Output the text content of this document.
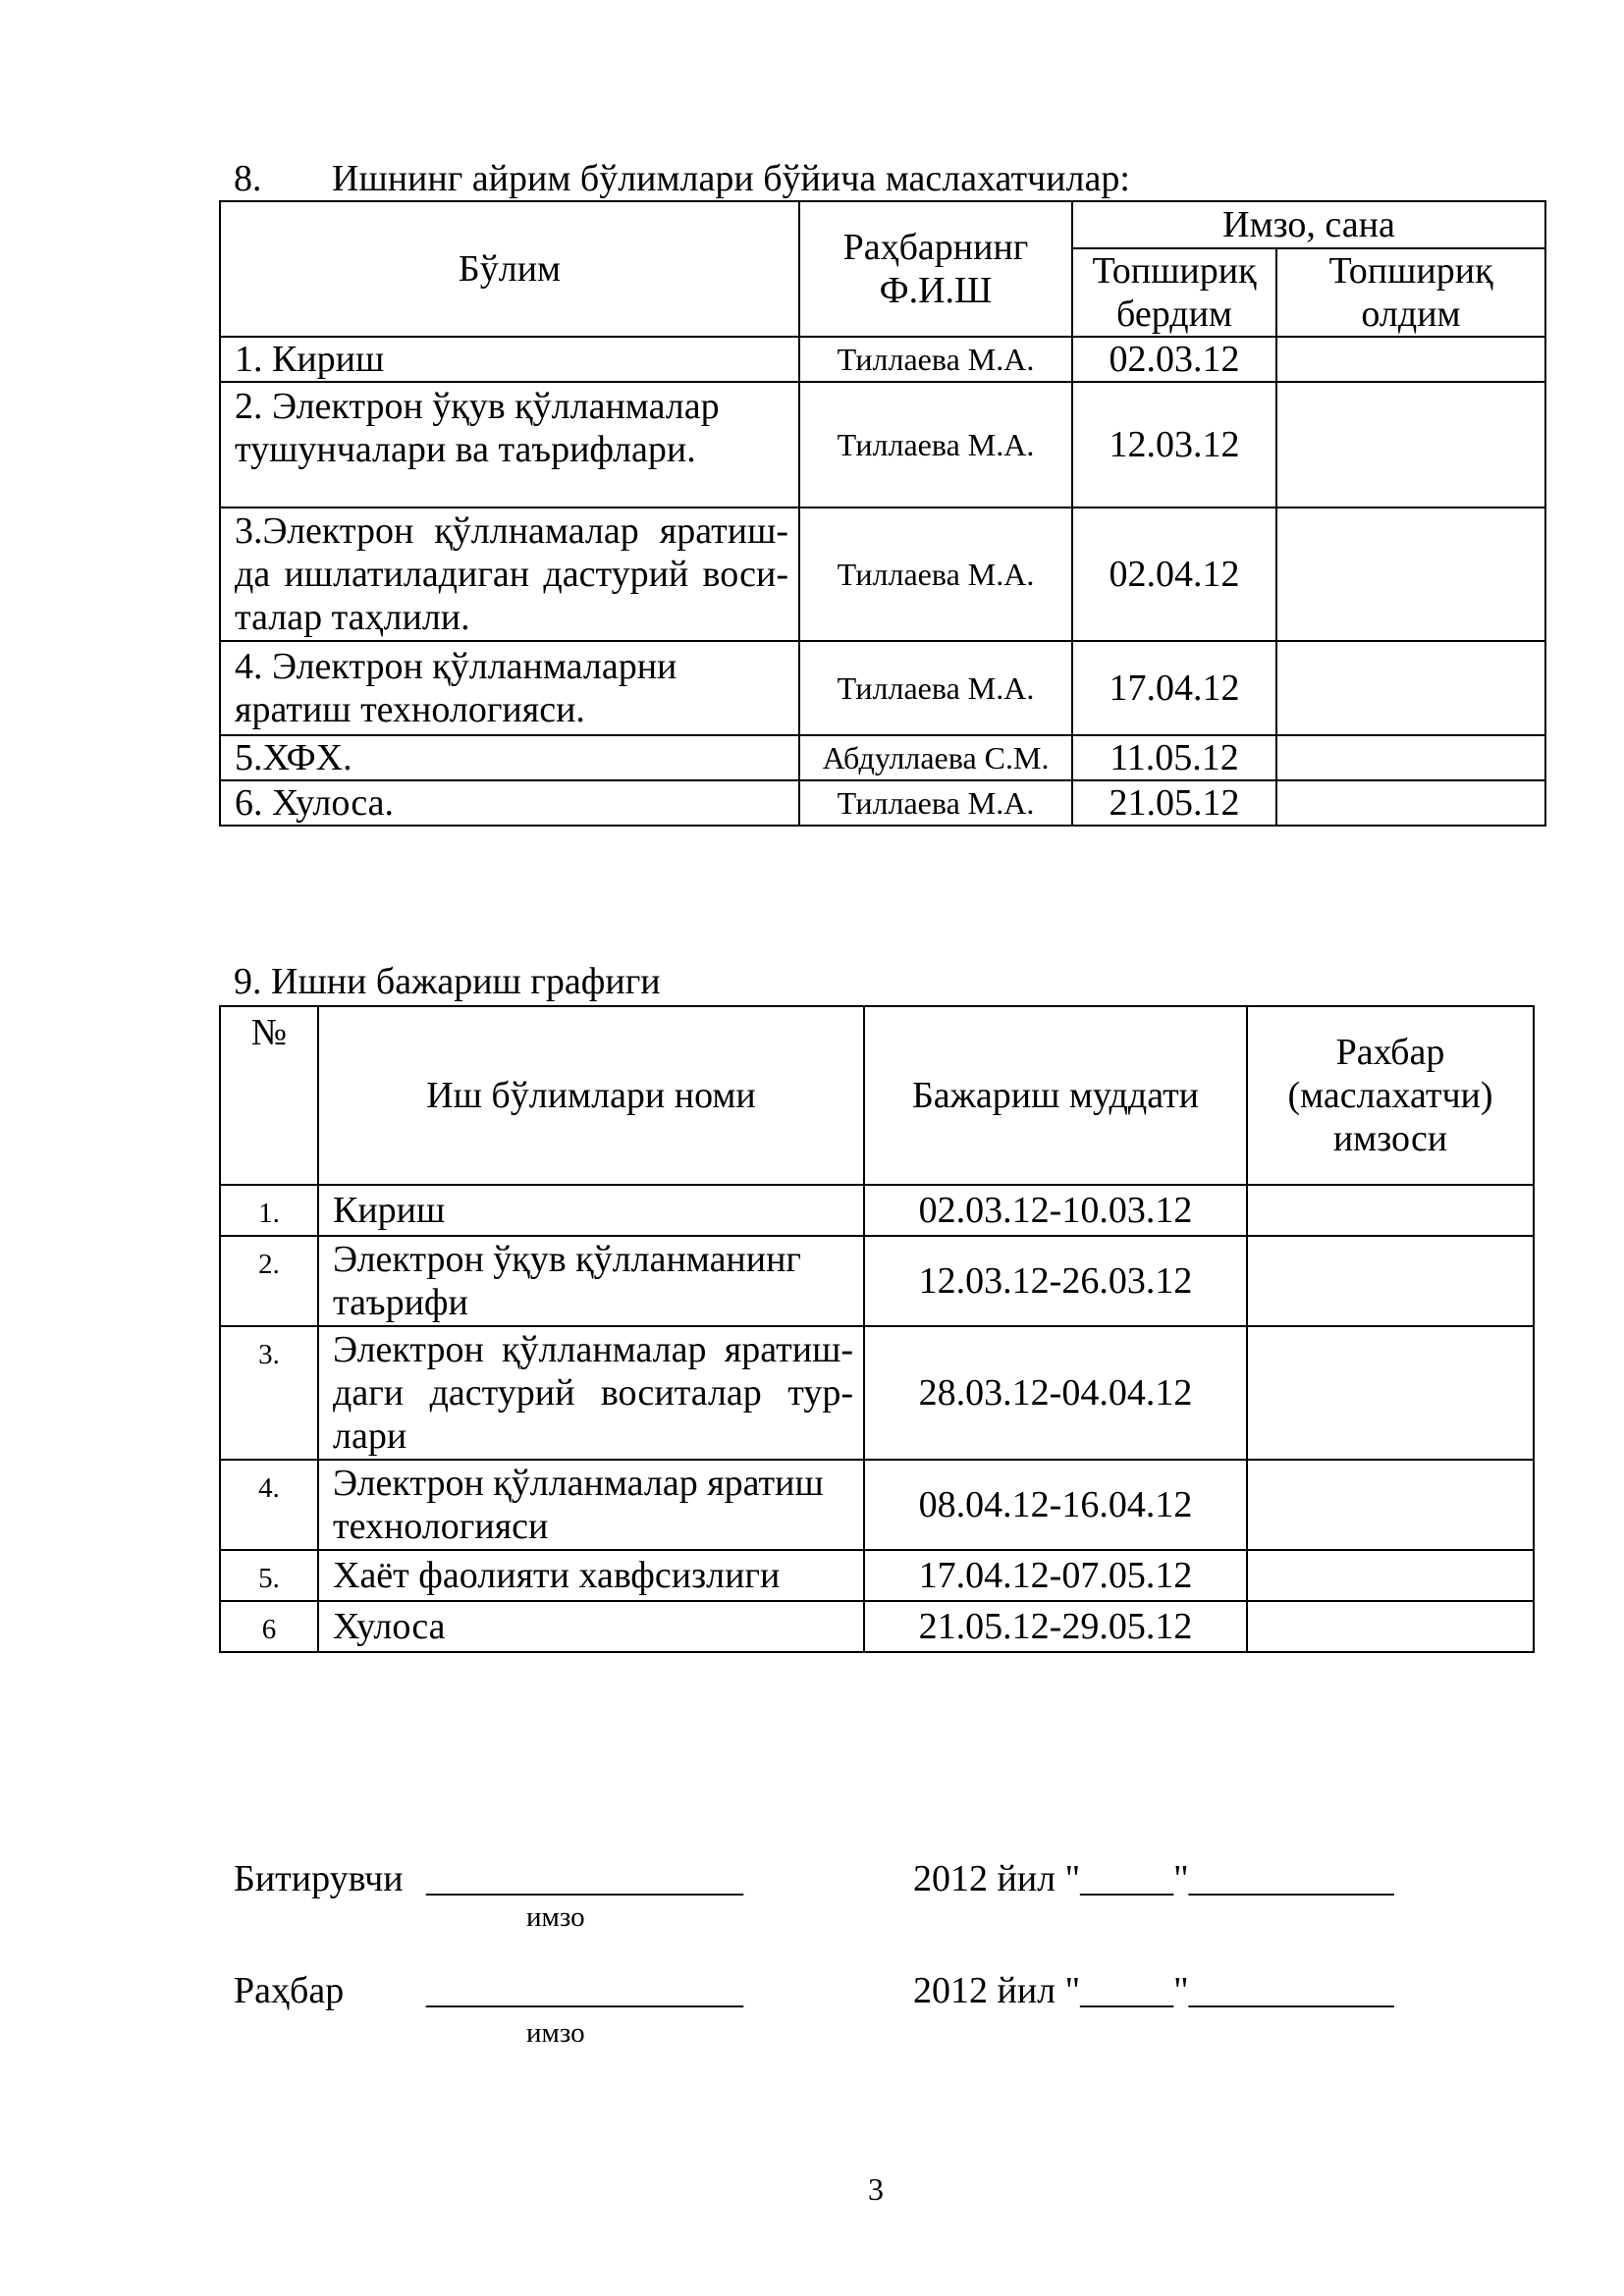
8. Ишнинг айрим бўлимлари бўйича маслахатчилар:
Бўлим	Раҳбарнинг Ф.И.Ш	Имзо, сана	
		Топшириқ бердим	Топшириқ олдим
1. Кириш	Тиллаева М.А.	02.03.12	
2. Электрон ўқув қўлланмалар тушунчалари ва таърифлари.	Тиллаева М.А.	12.03.12	
3.Электрон қўллнамалар яратиш-да ишлатиладиган дастурий воси-талар таҳлили.	Тиллаева М.А.	02.04.12	
4. Электрон қўлланмаларни яратиш технологияси.	Тиллаева М.А.	17.04.12	
5.ХФХ.	Абдуллаева С.М.	11.05.12	
6. Хулоса.	Тиллаева М.А.	21.05.12	
9. Ишни бажариш графиги
№	Иш бўлимлари номи	Бажариш муддати	Рахбар (маслахатчи) имзоси
1.	Кириш	02.03.12-10.03.12	
2.	Электрон ўқув қўлланманинг таърифи	12.03.12-26.03.12	
3.	Электрон қўлланмалар яратиш-даги дастурий воситалар тур-лари	28.03.12-04.04.12	
4.	Электрон қўлланмалар яратиш технологияси	08.04.12-16.04.12	
5.	Хаёт фаолияти хавфсизлиги	17.04.12-07.05.12	
6	Хулоса	21.05.12-29.05.12	
Битирувчи _________________
имзо
2012 йил "_____"___________
Раҳбар _________________
имзо
2012 йил "_____"___________
3
